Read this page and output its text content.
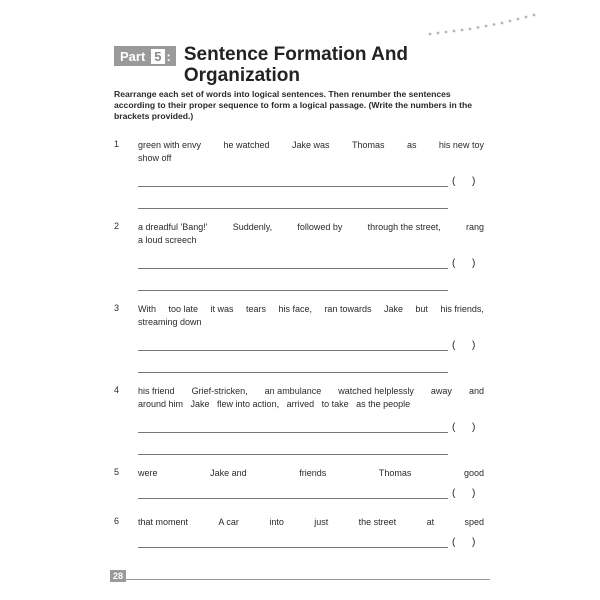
Part 5 : Sentence Formation And
Organization
Rearrange each set of words into logical sentences. Then renumber the sentences according to their proper sequence to form a logical passage. (Write the numbers in the brackets provided.)
1	green with envy he watched Jake was Thomas as his new toy
show off
(      )
2	a dreadful 'Bang!'	Suddenly,	followed by	through the street,	rang
a loud screech
(      )
3	With too late it was tears his face, ran towards Jake but his friends,
streaming down
(      )
4	his friend Grief-stricken, an ambulance watched helplessly away and
around him   Jake   flew into action,   arrived   to take   as the people
(      )
5	were	Jake and	friends	Thomas	good
(      )
6	that moment	A car	into	just	the street	at	sped
(      )
28
